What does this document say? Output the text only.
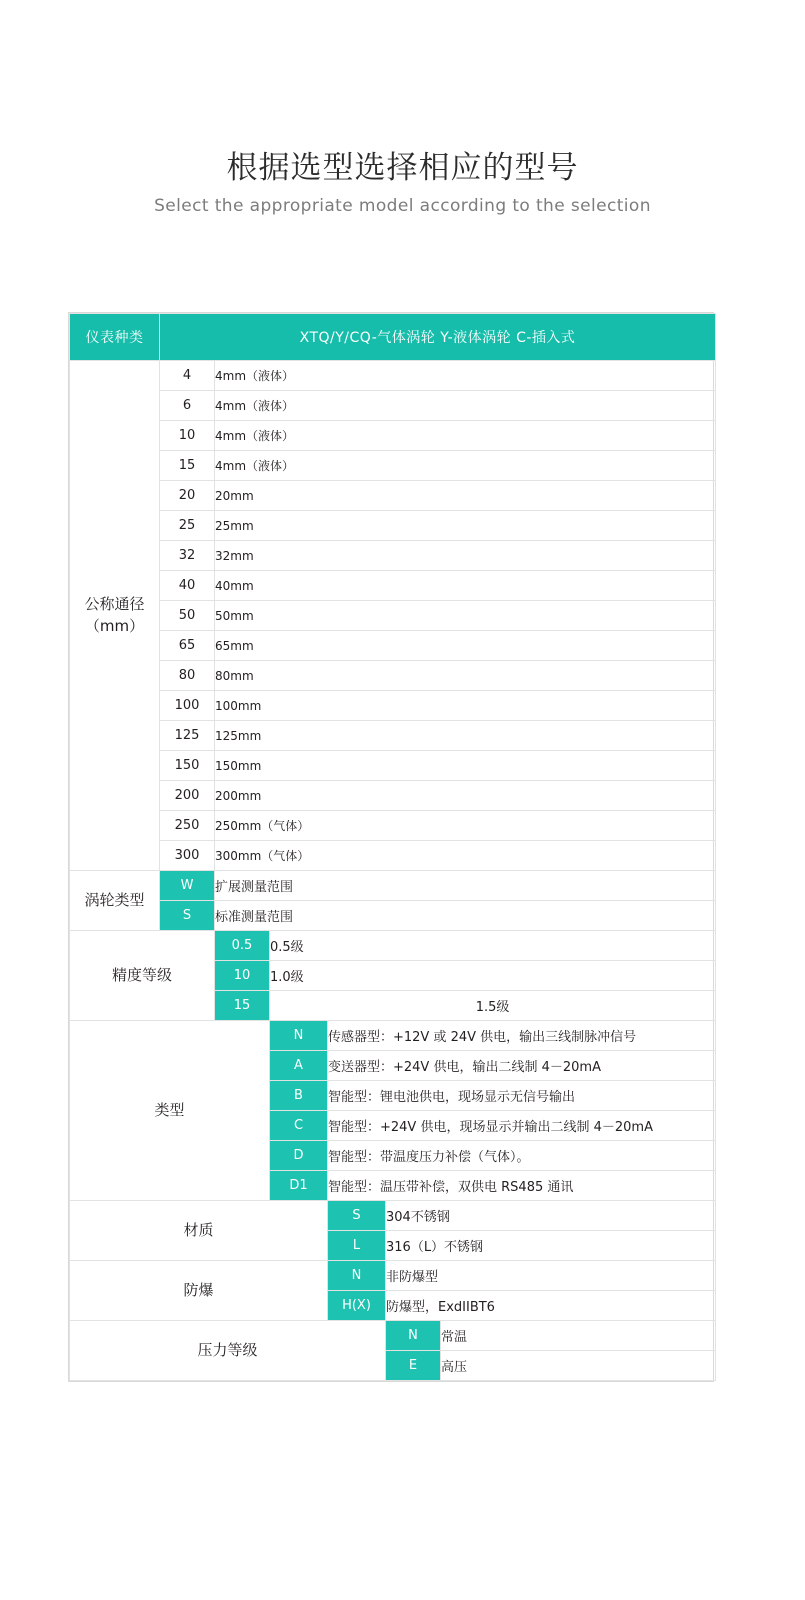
根据选型选择相应的型号
Select the appropriate model according to the selection
仪表种类	XTQ/Y/CQ-气体涡轮 Y-液体涡轮 C-插入式					

公称通径
（mm）	4	4mm（液体）				
	6	4mm（液体）				
	10	4mm（液体）				
	15	4mm（液体）				
	20	20mm				
	25	25mm				
	32	32mm				
	40	40mm				
	50	50mm				
	65	65mm				
	80	80mm				
	100	100mm				
	125	125mm				
	150	150mm				
	200	200mm				
	250	250mm（气体）				
	300	300mm（气体）				
涡轮类型	W	扩展测量范围				
	S	标准测量范围				
精度等级		0.5	0.5级			
		10	1.0级			
		15	1.5级			
类型			N	传感器型：+12V 或 24V 供电，输出三线制脉冲信号		
			A	变送器型：+24V 供电，输出二线制 4－20mA		
			B	智能型：锂电池供电，现场显示无信号输出		
			C	智能型：+24V 供电，现场显示并输出二线制 4－20mA		
			D	智能型：带温度压力补偿（气体）。		
			D1	智能型：温压带补偿，双供电 RS485 通讯		
材质				S	304不锈钢	
				L	316（L）不锈钢	
防爆				N	非防爆型	
				H(X)	防爆型，ExdIIBT6	
压力等级					N	常温
					E	高压
